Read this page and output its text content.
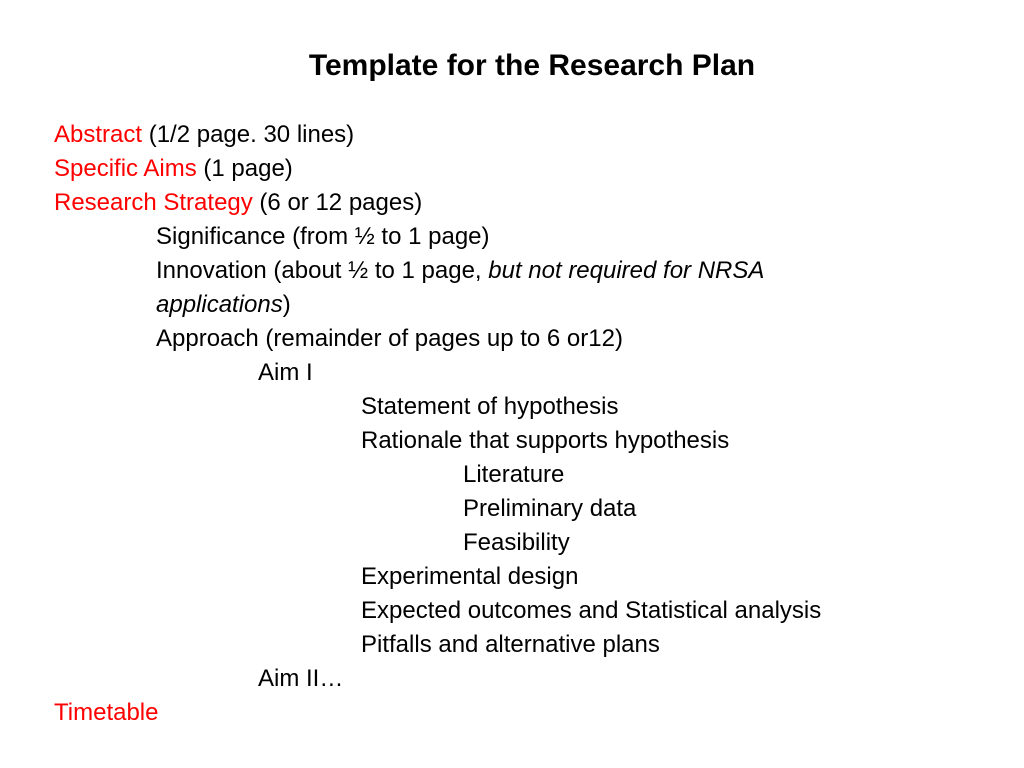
Template for the Research Plan
Abstract (1/2 page. 30 lines)
Specific Aims (1 page)
Research Strategy (6 or 12 pages)
Significance (from ½ to 1 page)
Innovation (about ½ to 1 page, but not required for NRSA
applications)
Approach (remainder of pages up to 6 or12)
Aim I
Statement of hypothesis
Rationale that supports hypothesis
Literature
Preliminary data
Feasibility
Experimental design
Expected outcomes and Statistical analysis
Pitfalls and alternative plans
Aim II…
Timetable
